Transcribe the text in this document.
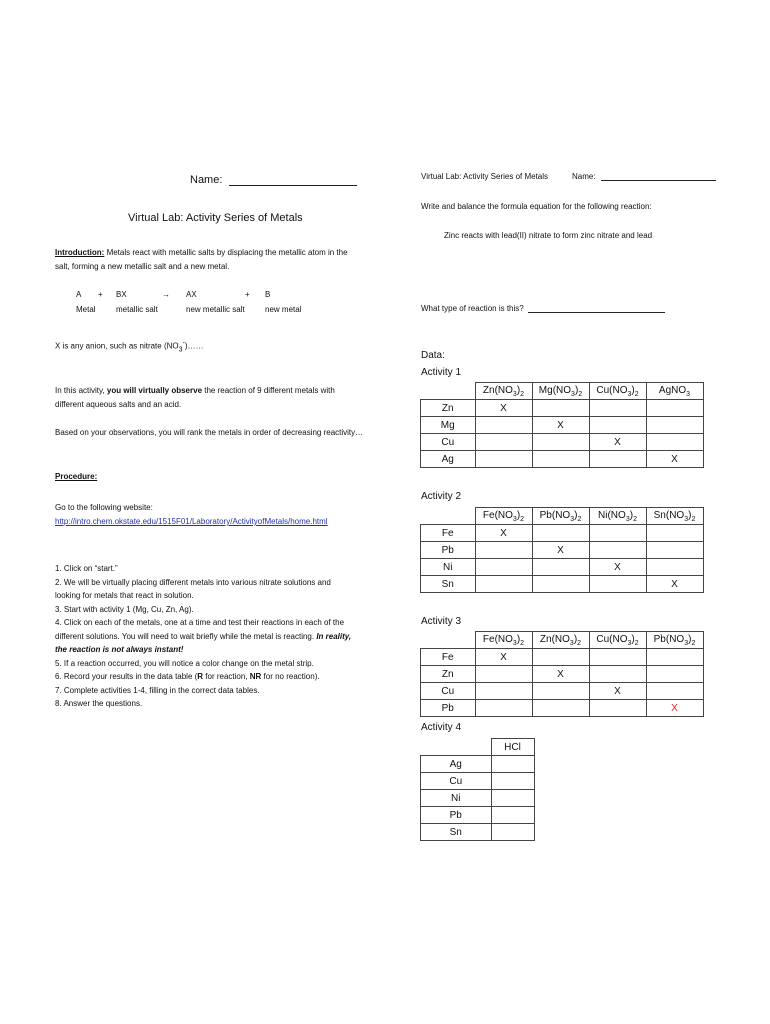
Name:
Virtual Lab: Activity Series of Metals
Introduction: Metals react with metallic salts by displacing the metallic atom in the salt, forming a new metallic salt and a new metal.
A + BX	→ AX	+ B
Metal	metallic salt	new metallic salt	new metal
X is any anion, such as nitrate $(NO_3^-)\dots\dots$
In this activity, you will virtually observe the reaction of 9 different metals with different aqueous salts and an acid.
Based on your observations, you will rank the metals in order of decreasing reactivity…
Procedure:
Go to the following website:
http://intro.chem.okstate.edu/1515F01/Laboratory/ActivityofMetals/home.html
1. Click on “start.”
2. We will be virtually placing different metals into various nitrate solutions and looking for metals that react in solution.
3. Start with activity 1 (Mg, Cu, Zn, Ag).
4. Click on each of the metals, one at a time and test their reactions in each of the different solutions. You will need to wait briefly while the metal is reacting. In reality, the reaction is not always instant!
5. If a reaction occurred, you will notice a color change on the metal strip.
6. Record your results in the data table (R for reaction, NR for no reaction).
7. Complete activities 1-4, filling in the correct data tables.
8. Answer the questions.
Virtual Lab: Activity Series of Metals	Name:
Write and balance the formula equation for the following reaction:
Zinc reacts with lead(II) nitrate to form zinc nitrate and lead
What type of reaction is this?
Data:
Activity 1
	$Zn(NO_3)_2$	$Mg(NO_3)_2$	$Cu(NO_3)_2$	AgNO$_3$
Zn	X			
Mg		X		
Cu			X	
Ag				X
Activity 2
	$Fe(NO_3)_2$	$Pb(NO_3)_2$	$Ni(NO_3)_2$	$Sn(NO_3)_2$
Fe	X			
Pb		X		
Ni			X	
Sn				X
Activity 3
	$Fe(NO_3)_2$	$Zn(NO_3)_2$	$Cu(NO_3)_2$	$Pb(NO_3)_2$
Fe	X			
Zn		X		
Cu			X	
Pb				X
Activity 4
	HCl
Ag	
Cu	
Ni	
Pb	
Sn	
